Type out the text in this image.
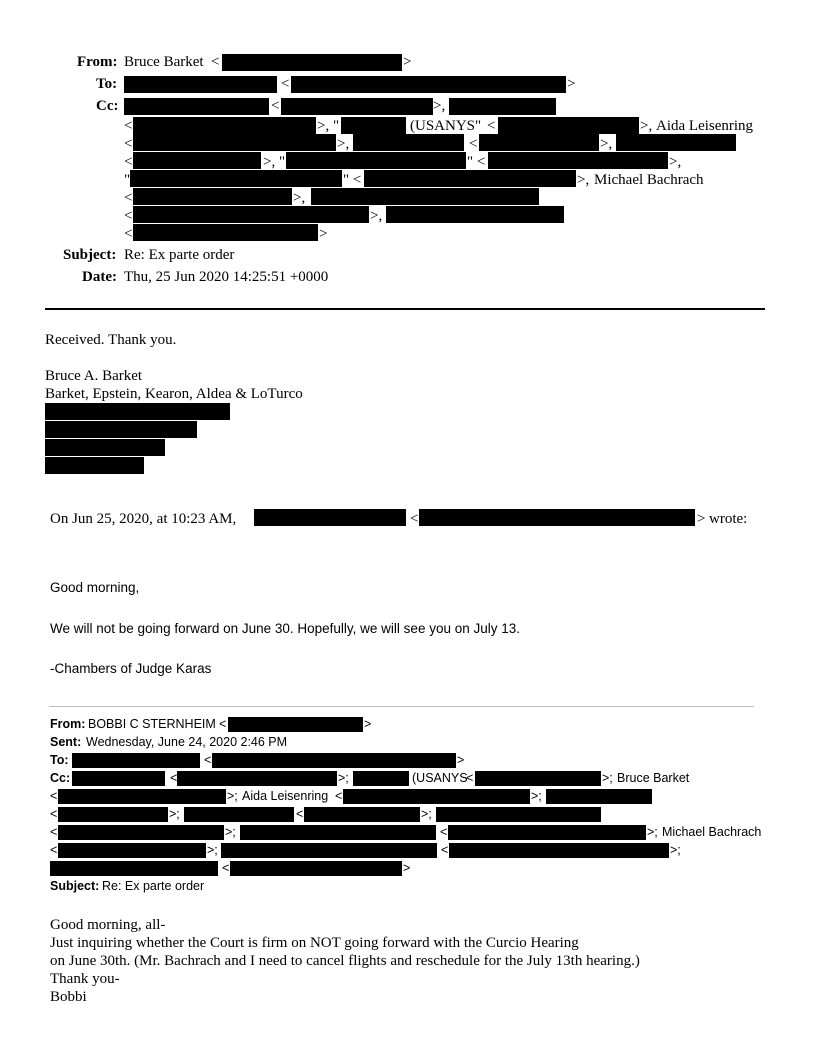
From: Bruce Barket <	>
To:	<	>
Cc:	<	>,
<	>, "	(USANYS" <	>, Aida Leisenring
<	>,	<	>,
<	>, "	" <	>,
"	" <	>, Michael Bachrach
<	>,
<	>,
<	>
Subject: Re: Ex parte order
Date: Thu, 25 Jun 2020 14:25:51 +0000
Received. Thank you.
Bruce A. Barket
Barket, Epstein, Kearon, Aldea & LoTurco
On Jun 25, 2020, at 10:23 AM,	<	> wrote:
Good morning,
We will not be going forward on June 30. Hopefully, we will see you on July 13.
-Chambers of Judge Karas
From: BOBBI C STERNHEIM <	>
Sent: Wednesday, June 24, 2020 2:46 PM
To:	<	>
Cc:	<	>;	(USANYS
<	>; Bruce Barket
<	>; Aida Leisenring <	>;
<	>;	<	>;
<	>;	<	>; Michael Bachrach
<	>;	<	>;
<	>
Subject: Re: Ex parte order
Good morning, all-
Just inquiring whether the Court is firm on NOT going forward with the Curcio Hearing
on June 30th. (Mr. Bachrach and I need to cancel flights and reschedule for the July 13th hearing.)
Thank you-
Bobbi
